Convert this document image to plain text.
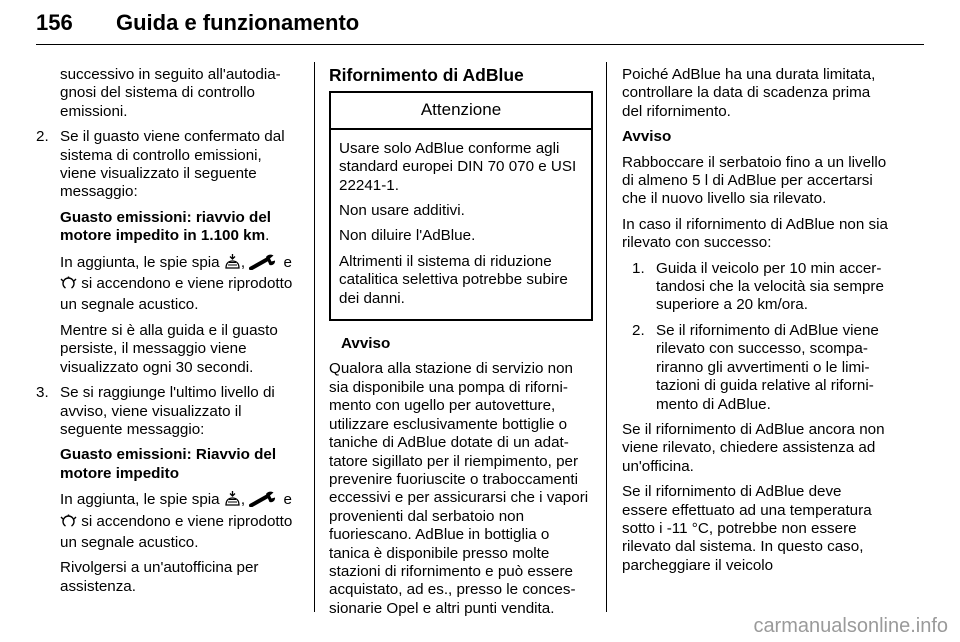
156 Guida e funzionamento

successivo in seguito all'autodiagnosi del sistema di controllo emissioni.

2. Se il guasto viene confermato dal sistema di controllo emissioni, viene visualizzato il seguente messaggio:

Guasto emissioni: riavvio del motore impedito in 1.100 km.

In aggiunta, le spie spia ,  e  si accendono e viene riprodotto un segnale acustico.

Mentre si è alla guida e il guasto persiste, il messaggio viene visualizzato ogni 30 secondi.

3. Se si raggiunge l'ultimo livello di avviso, viene visualizzato il seguente messaggio:

Guasto emissioni: Riavvio del motore impedito

In aggiunta, le spie spia ,  e  si accendono e viene riprodotto un segnale acustico.

Rivolgersi a un'autofficina per assistenza.

Rifornimento di AdBlue

Attenzione

Usare solo AdBlue conforme agli standard europei DIN 70 070 e USI 22241-1.

Non usare additivi.

Non diluire l'AdBlue.

Altrimenti il sistema di riduzione catalitica selettiva potrebbe subire dei danni.

Avviso

Qualora alla stazione di servizio non sia disponibile una pompa di rifornimento con ugello per autovetture, utilizzare esclusivamente bottiglie o taniche di AdBlue dotate di un adattatore sigillato per il riempimento, per prevenire fuoriuscite o traboccamenti eccessivi e per assicurarsi che i vapori provenienti dal serbatoio non fuoriescano. AdBlue in bottiglia o tanica è disponibile presso molte stazioni di rifornimento e può essere acquistato, ad es., presso le concessionarie Opel e altri punti vendita.

Poiché AdBlue ha una durata limitata, controllare la data di scadenza prima del rifornimento.

Avviso

Rabboccare il serbatoio fino a un livello di almeno 5 l di AdBlue per accertarsi che il nuovo livello sia rilevato.

In caso il rifornimento di AdBlue non sia rilevato con successo:

1. Guida il veicolo per 10 min accertandosi che la velocità sia sempre superiore a 20 km/ora.
2. Se il rifornimento di AdBlue viene rilevato con successo, scompariranno gli avvertimenti o le limitazioni di guida relative al rifornimento di AdBlue.

Se il rifornimento di AdBlue ancora non viene rilevato, chiedere assistenza ad un'officina.

Se il rifornimento di AdBlue deve essere effettuato ad una temperatura sotto i -11 °C, potrebbe non essere rilevato dal sistema. In questo caso, parcheggiare il veicolo

carmanualsonline.info
